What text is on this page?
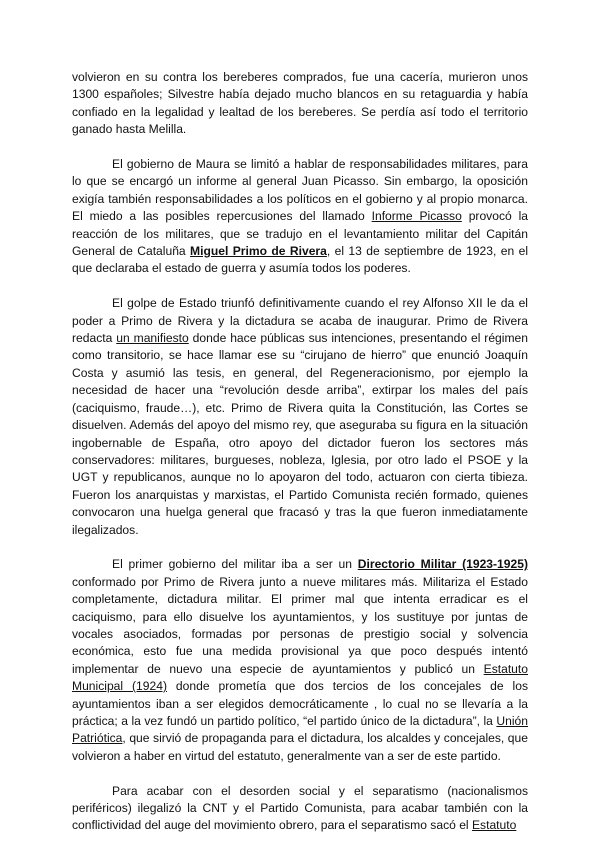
volvieron en su contra los bereberes comprados, fue una cacería, murieron unos 1300 españoles; Silvestre había dejado mucho blancos en su retaguardia y había confiado en la legalidad y lealtad de los bereberes. Se perdía así todo el territorio ganado hasta Melilla.

El gobierno de Maura se limitó a hablar de responsabilidades militares, para lo que se encargó un informe al general Juan Picasso. Sin embargo, la oposición exigía también responsabilidades a los políticos en el gobierno y al propio monarca. El miedo a las posibles repercusiones del llamado Informe Picasso provocó la reacción de los militares, que se tradujo en el levantamiento militar del Capitán General de Cataluña Miguel Primo de Rivera, el 13 de septiembre de 1923, en el que declaraba el estado de guerra y asumía todos los poderes.

El golpe de Estado triunfó definitivamente cuando el rey Alfonso XII le da el poder a Primo de Rivera y la dictadura se acaba de inaugurar. Primo de Rivera redacta un manifiesto donde hace públicas sus intenciones, presentando el régimen como transitorio, se hace llamar ese su “cirujano de hierro” que enunció Joaquín Costa y asumió las tesis, en general, del Regeneracionismo, por ejemplo la necesidad de hacer una “revolución desde arriba”, extirpar los males del país (caciquismo, fraude…), etc. Primo de Rivera quita la Constitución, las Cortes se disuelven. Además del apoyo del mismo rey, que aseguraba su figura en la situación ingobernable de España, otro apoyo del dictador fueron los sectores más conservadores: militares, burgueses, nobleza, Iglesia, por otro lado el PSOE y la UGT y republicanos, aunque no lo apoyaron del todo, actuaron con cierta tibieza. Fueron los anarquistas y marxistas, el Partido Comunista recién formado, quienes convocaron una huelga general que fracasó y tras la que fueron inmediatamente ilegalizados.

El primer gobierno del militar iba a ser un Directorio Militar (1923-1925) conformado por Primo de Rivera junto a nueve militares más. Militariza el Estado completamente, dictadura militar. El primer mal que intenta erradicar es el caciquismo, para ello disuelve los ayuntamientos, y los sustituye por juntas de vocales asociados, formadas por personas de prestigio social y solvencia económica, esto fue una medida provisional ya que poco después intentó implementar de nuevo una especie de ayuntamientos y publicó un Estatuto Municipal (1924) donde prometía que dos tercios de los concejales de los ayuntamientos iban a ser elegidos democráticamente , lo cual no se llevaría a la práctica; a la vez fundó un partido político, “el partido único de la dictadura”, la Unión Patriótica, que sirvió de propaganda para el dictadura, los alcaldes y concejales, que volvieron a haber en virtud del estatuto, generalmente van a ser de este partido.

Para acabar con el desorden social y el separatismo (nacionalismos periféricos) ilegalizó la CNT y el Partido Comunista, para acabar también con la conflictividad del auge del movimiento obrero, para el separatismo sacó el Estatuto
